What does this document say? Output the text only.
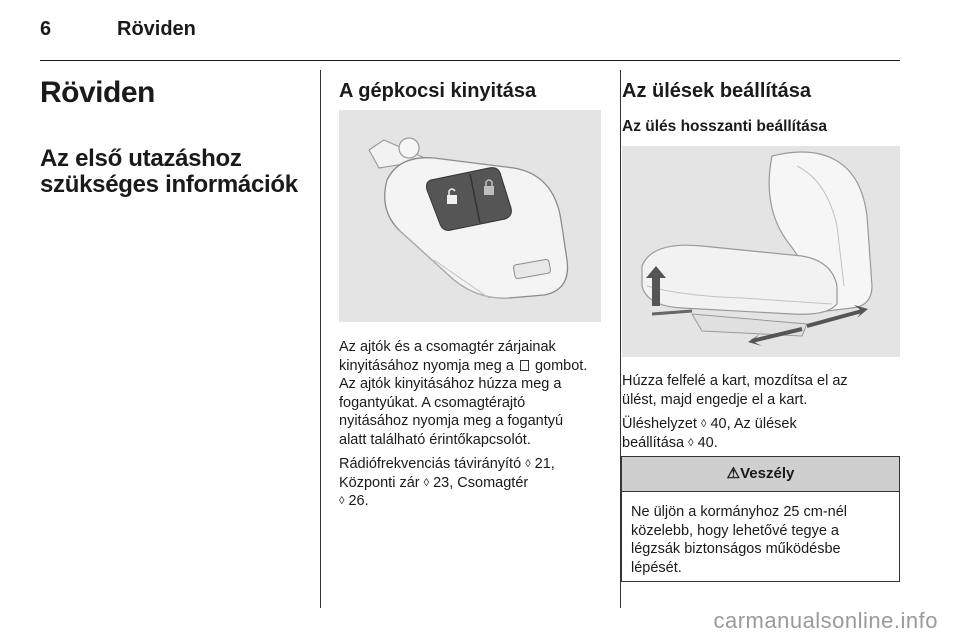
6	Röviden
Röviden
Az első utazáshoz
szükséges információk
A gépkocsi kinyitása
Az ajtók és a csomagtér zárjainak
kinyitásához nyomja meg a gombot.
Az ajtók kinyitásához húzza meg a
fogantyúkat. A csomagtérajtó
nyitásához nyomja meg a fogantyú
alatt található érintőkapcsolót.
Rádiófrekvenciás távirányító ◊ 21,
Központi zár ◊ 23, Csomagtér
◊ 26.
Az ülések beállítása
Az ülés hosszanti beállítása
Húzza felfelé a kart, mozdítsa el az
ülést, majd engedje el a kart.
Üléshelyzet ◊ 40, Az ülések
beállítása ◊ 40.
⚠Veszély
Ne üljön a kormányhoz 25 cm-nél
közelebb, hogy lehetővé tegye a
légzsák biztonságos működésbe
lépését.
carmanualsonline.info
